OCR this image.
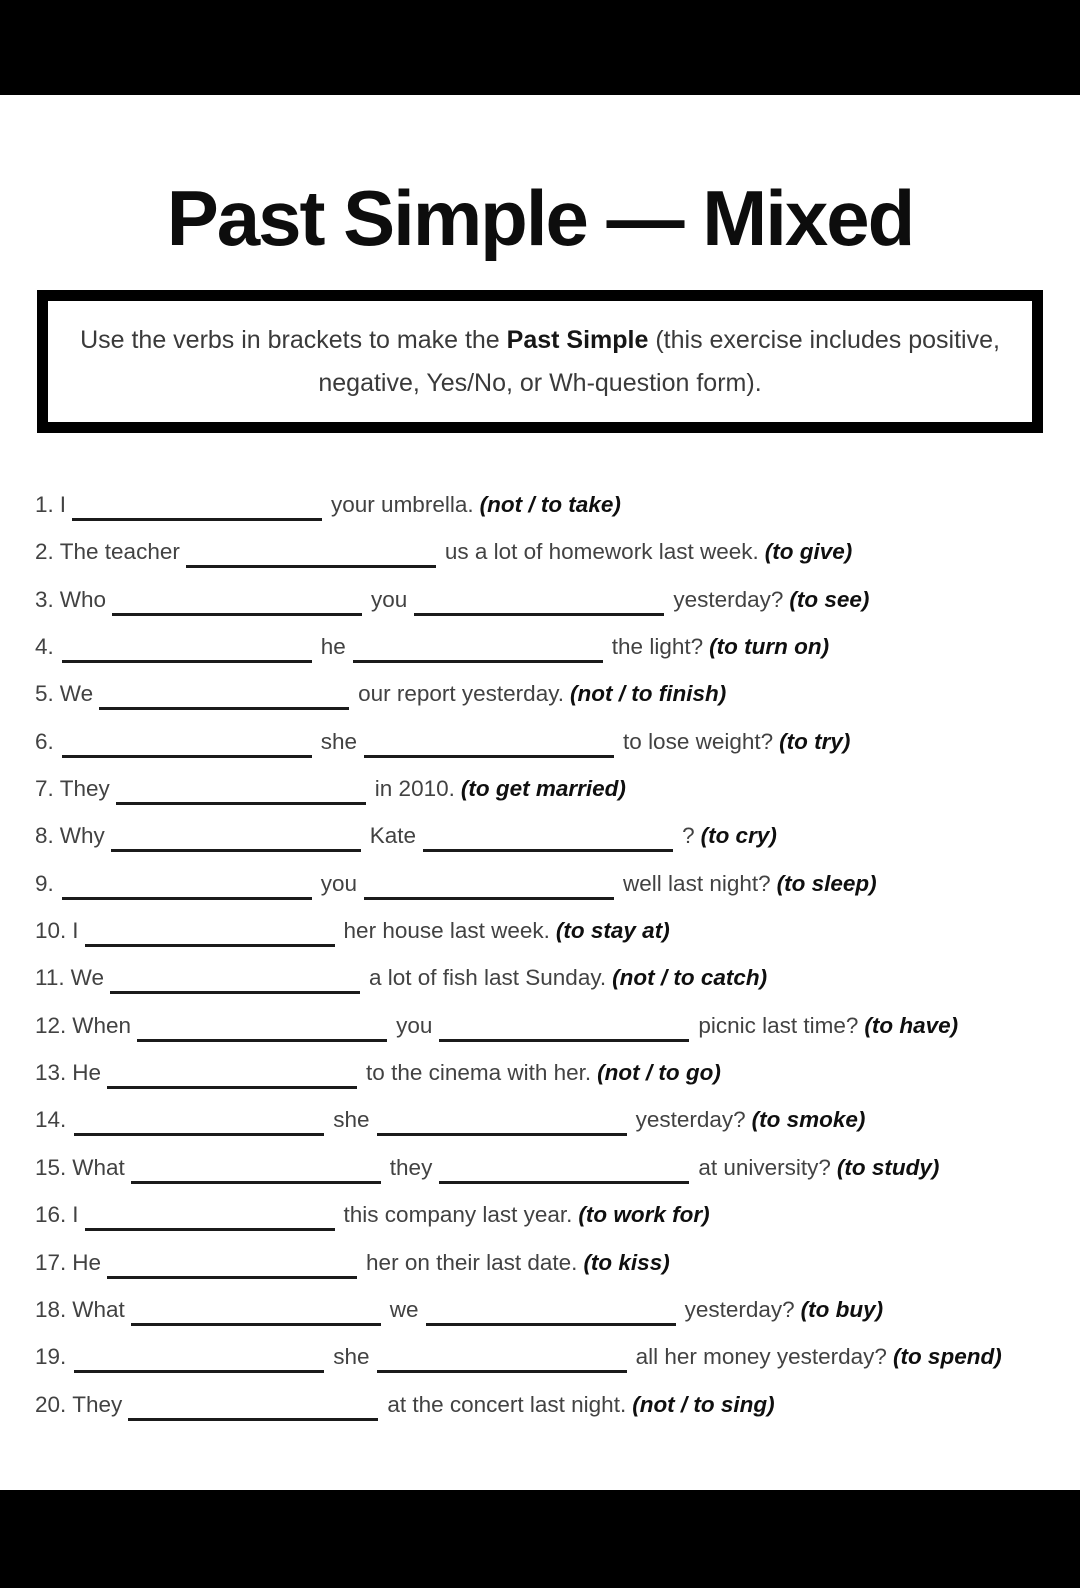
Past Simple — Mixed
Use the verbs in brackets to make the Past Simple (this exercise includes positive, negative, Yes/No, or Wh-question form).
1. I	your umbrella. (not / to take)
2. The teacher	us a lot of homework last week. (to give)
3. Who	you	yesterday? (to see)
4.	he	the light? (to turn on)
5. We	our report yesterday. (not / to finish)
6.	she	to lose weight? (to try)
7. They	in 2010. (to get married)
8. Why	Kate	? (to cry)
9.	you	well last night? (to sleep)
10. I	her house last week. (to stay at)
11. We	a lot of fish last Sunday. (not / to catch)
12. When	you	picnic last time? (to have)
13. He	to the cinema with her. (not / to go)
14.	she	yesterday? (to smoke)
15. What	they	at university? (to study)
16. I	this company last year. (to work for)
17. He	her on their last date. (to kiss)
18. What	we	yesterday? (to buy)
19.	she	all her money yesterday? (to spend)
20. They	at the concert last night. (not / to sing)
